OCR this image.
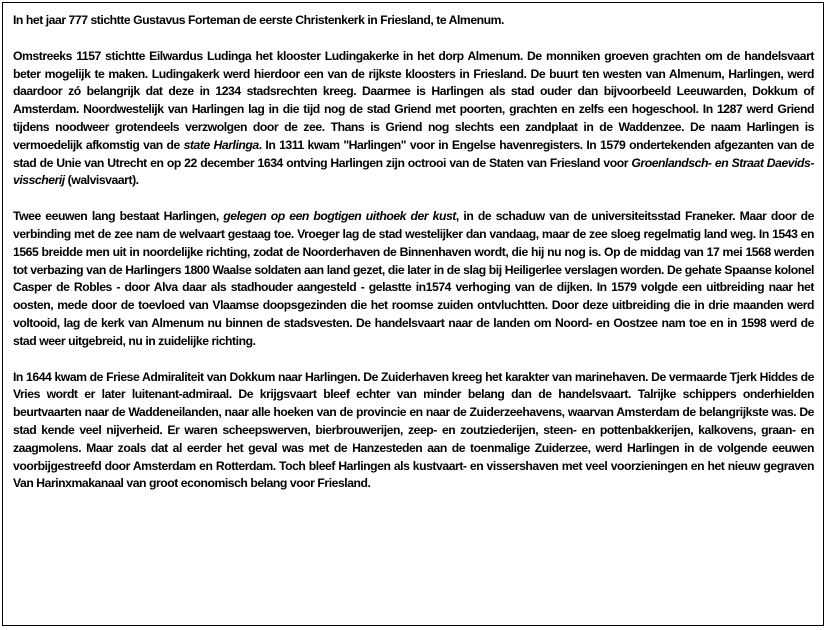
In het jaar 777 stichtte Gustavus Forteman de eerste Christenkerk in Friesland, te Almenum.

Omstreeks 1157 stichtte Eilwardus Ludinga het klooster Ludingakerke in het dorp Almenum. De monniken groeven grachten om de handelsvaart beter mogelijk te maken. Ludingakerk werd hierdoor een van de rijkste kloosters in Friesland. De buurt ten westen van Almenum, Harlingen, werd daardoor zó belangrijk dat deze in 1234 stadsrechten kreeg. Daarmee is Harlingen als stad ouder dan bijvoorbeeld Leeuwarden, Dokkum of Amsterdam. Noordwestelijk van Harlingen lag in die tijd nog de stad Griend met poorten, grachten en zelfs een hogeschool. In 1287 werd Griend tijdens noodweer grotendeels verzwolgen door de zee. Thans is Griend nog slechts een zandplaat in de Waddenzee. De naam Harlingen is vermoedelijk afkomstig van de state Harlinga. In 1311 kwam "Harlingen" voor in Engelse havenregisters. In 1579 ondertekenden afgezanten van de stad de Unie van Utrecht en op 22 december 1634 ontving Harlingen zijn octrooi van de Staten van Friesland voor Groenlandsch- en Straat Daevids-visscherij (walvisvaart).

Twee eeuwen lang bestaat Harlingen, gelegen op een bogtigen uithoek der kust, in de schaduw van de universiteitsstad Franeker. Maar door de verbinding met de zee nam de welvaart gestaag toe. Vroeger lag de stad westelijker dan vandaag, maar de zee sloeg regelmatig land weg. In 1543 en 1565 breidde men uit in noordelijke richting, zodat de Noorderhaven de Binnenhaven wordt, die hij nu nog is. Op de middag van 17 mei 1568 werden tot verbazing van de Harlingers 1800 Waalse soldaten aan land gezet, die later in de slag bij Heiligerlee verslagen worden. De gehate Spaanse kolonel Casper de Robles - door Alva daar als stadhouder aangesteld - gelastte in1574 verhoging van de dijken. In 1579 volgde een uitbreiding naar het oosten, mede door de toevloed van Vlaamse doopsgezinden die het roomse zuiden ontvluchtten. Door deze uitbreiding die in drie maanden werd voltooid, lag de kerk van Almenum nu binnen de stadsvesten. De handelsvaart naar de landen om Noord- en Oostzee nam toe en in 1598 werd de stad weer uitgebreid, nu in zuidelijke richting.

In 1644 kwam de Friese Admiraliteit van Dokkum naar Harlingen. De Zuiderhaven kreeg het karakter van marinehaven. De vermaarde Tjerk Hiddes de Vries wordt er later luitenant-admiraal. De krijgsvaart bleef echter van minder belang dan de handelsvaart. Talrijke schippers onderhielden beurtvaarten naar de Waddeneilanden, naar alle hoeken van de provincie en naar de Zuiderzeehavens, waarvan Amsterdam de belangrijkste was. De stad kende veel nijverheid. Er waren scheepswerven, bierbrouwerijen, zeep- en zoutziederijen, steen- en pottenbakkerijen, kalkovens, graan- en zaagmolens. Maar zoals dat al eerder het geval was met de Hanzesteden aan de toenmalige Zuiderzee, werd Harlingen in de volgende eeuwen voorbijgestreefd door Amsterdam en Rotterdam. Toch bleef Harlingen als kustvaart- en vissershaven met veel voorzieningen en het nieuw gegraven Van Harinxmakanaal van groot economisch belang voor Friesland.
